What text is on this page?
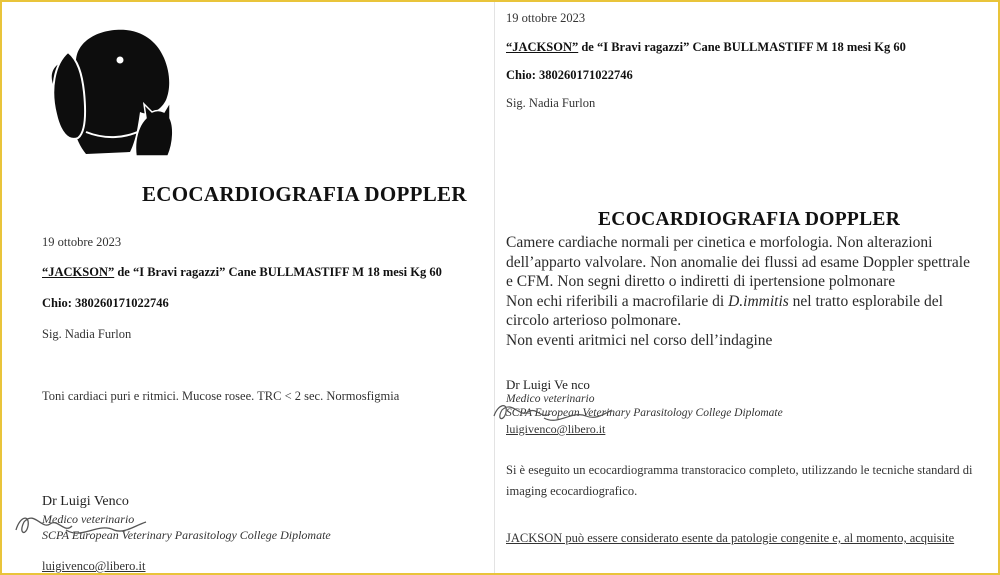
ECOCARDIOGRAFIA DOPPLER
19 ottobre 2023
“JACKSON” de “I Bravi ragazzi” Cane BULLMASTIFF M 18 mesi Kg 60
Chio: 380260171022746
Sig. Nadia Furlon
Toni cardiaci puri e ritmici. Mucose rosee. TRC < 2 sec. Normosfigmia
Dr Luigi Venco
Medico veterinario
SCPA European Veterinary Parasitology College Diplomate
luigivenco@libero.it
19 ottobre 2023
“JACKSON” de “I Bravi ragazzi” Cane BULLMASTIFF M 18 mesi Kg 60
Chio: 380260171022746
Sig. Nadia Furlon
ECOCARDIOGRAFIA DOPPLER
Camere cardiache normali per cinetica e morfologia. Non alterazioni dell’apparto valvolare. Non anomalie dei flussi ad esame Doppler spettrale e CFM. Non segni diretto o indiretti di ipertensione polmonare
Non echi riferibili a macrofilarie di D.immitis nel tratto esplorabile del circolo arterioso polmonare.
Non eventi aritmici nel corso dell’indagine
Dr Luigi Ve nco
Medico veterinario
SCPA European Veterinary Parasitology College Diplomate
luigivenco@libero.it
Si è eseguito un ecocardiogramma transtoracico completo, utilizzando le tecniche standard di imaging ecocardiografico.
JACKSON può essere considerato esente da patologie congenite e, al momento, acquisite
